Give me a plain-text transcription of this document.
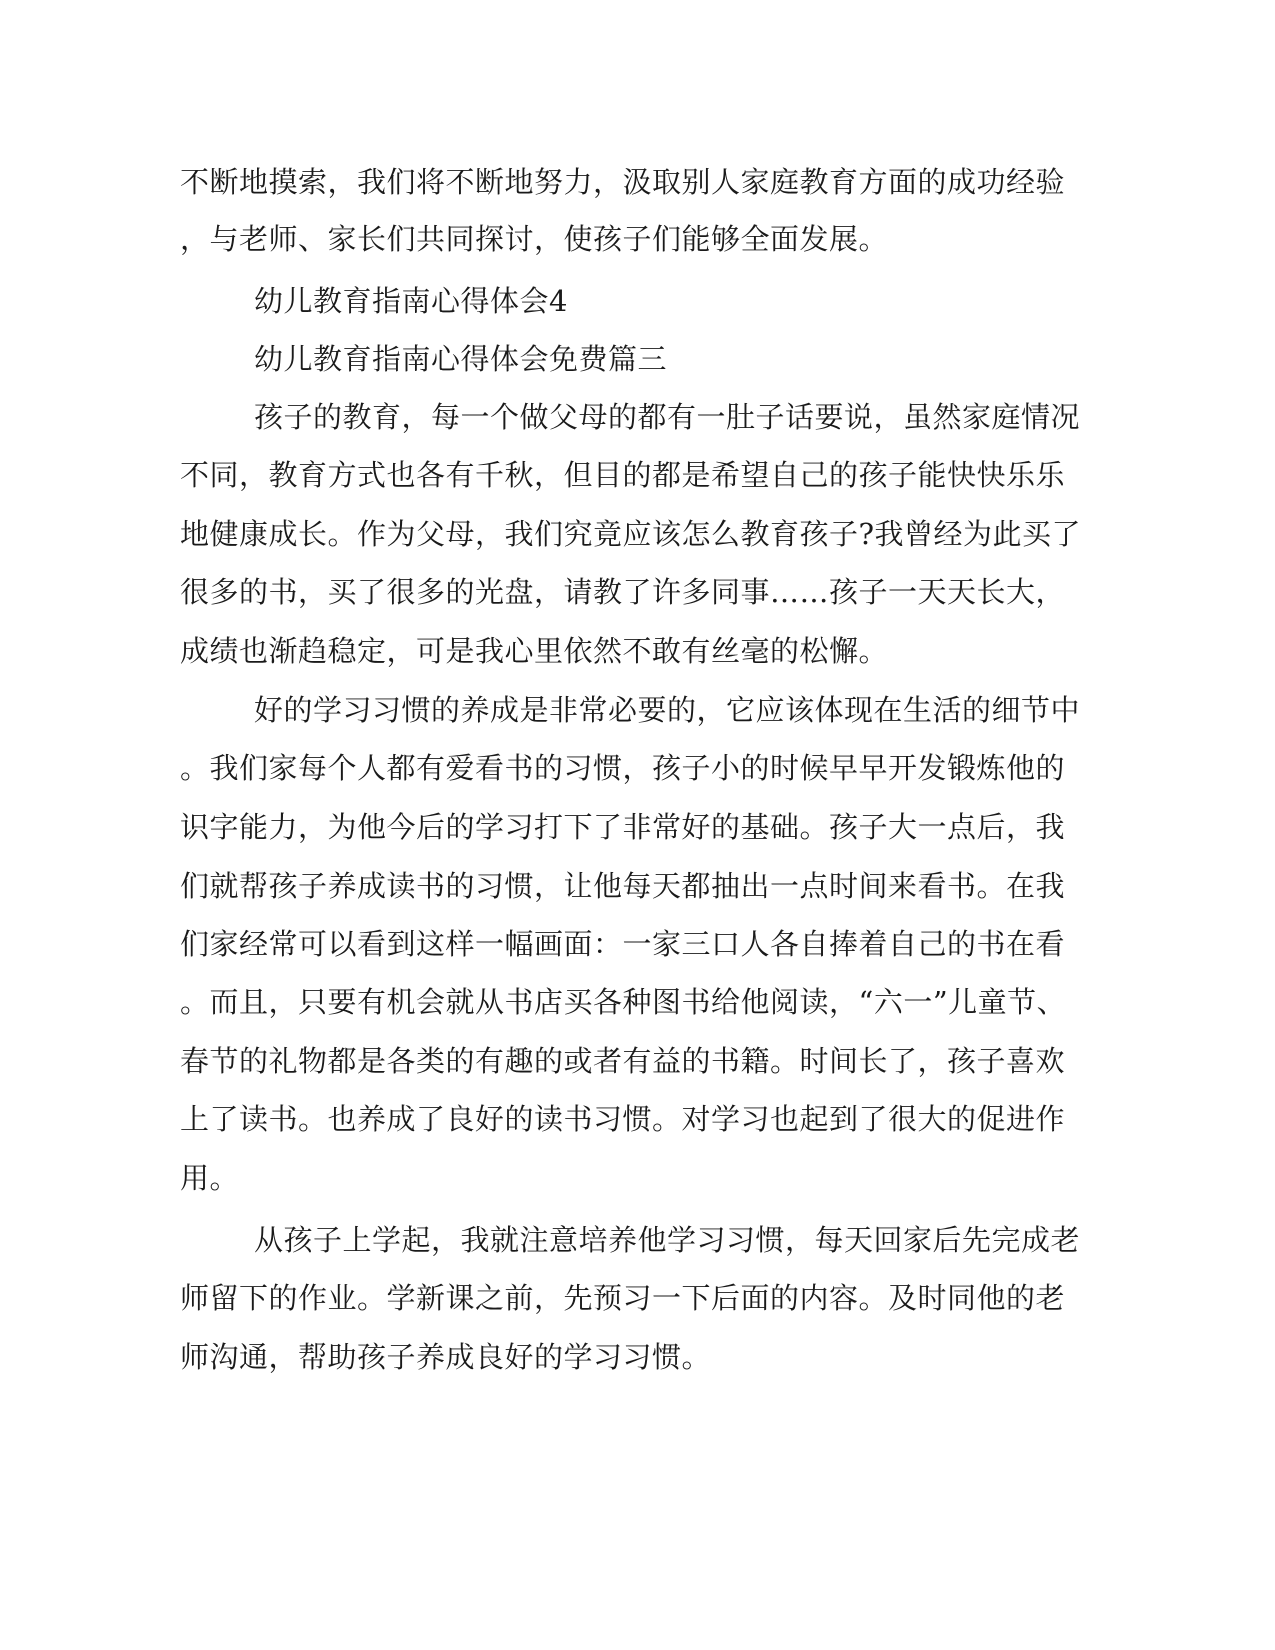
不断地摸索，我们将不断地努力，汲取别人家庭教育方面的成功经验
，与老师、家长们共同探讨，使孩子们能够全面发展。
幼儿教育指南心得体会4
幼儿教育指南心得体会免费篇三
孩子的教育，每一个做父母的都有一肚子话要说，虽然家庭情况
不同，教育方式也各有千秋，但目的都是希望自己的孩子能快快乐乐
地健康成长。作为父母，我们究竟应该怎么教育孩子?我曾经为此买了
很多的书，买了很多的光盘，请教了许多同事……孩子一天天长大，
成绩也渐趋稳定，可是我心里依然不敢有丝毫的松懈。
好的学习习惯的养成是非常必要的，它应该体现在生活的细节中
。我们家每个人都有爱看书的习惯，孩子小的时候早早开发锻炼他的
识字能力，为他今后的学习打下了非常好的基础。孩子大一点后，我
们就帮孩子养成读书的习惯，让他每天都抽出一点时间来看书。在我
们家经常可以看到这样一幅画面：一家三口人各自捧着自己的书在看
。而且，只要有机会就从书店买各种图书给他阅读，“六一”儿童节、
春节的礼物都是各类的有趣的或者有益的书籍。时间长了，孩子喜欢
上了读书。也养成了良好的读书习惯。对学习也起到了很大的促进作
用。
从孩子上学起，我就注意培养他学习习惯，每天回家后先完成老
师留下的作业。学新课之前，先预习一下后面的内容。及时同他的老
师沟通，帮助孩子养成良好的学习习惯。
